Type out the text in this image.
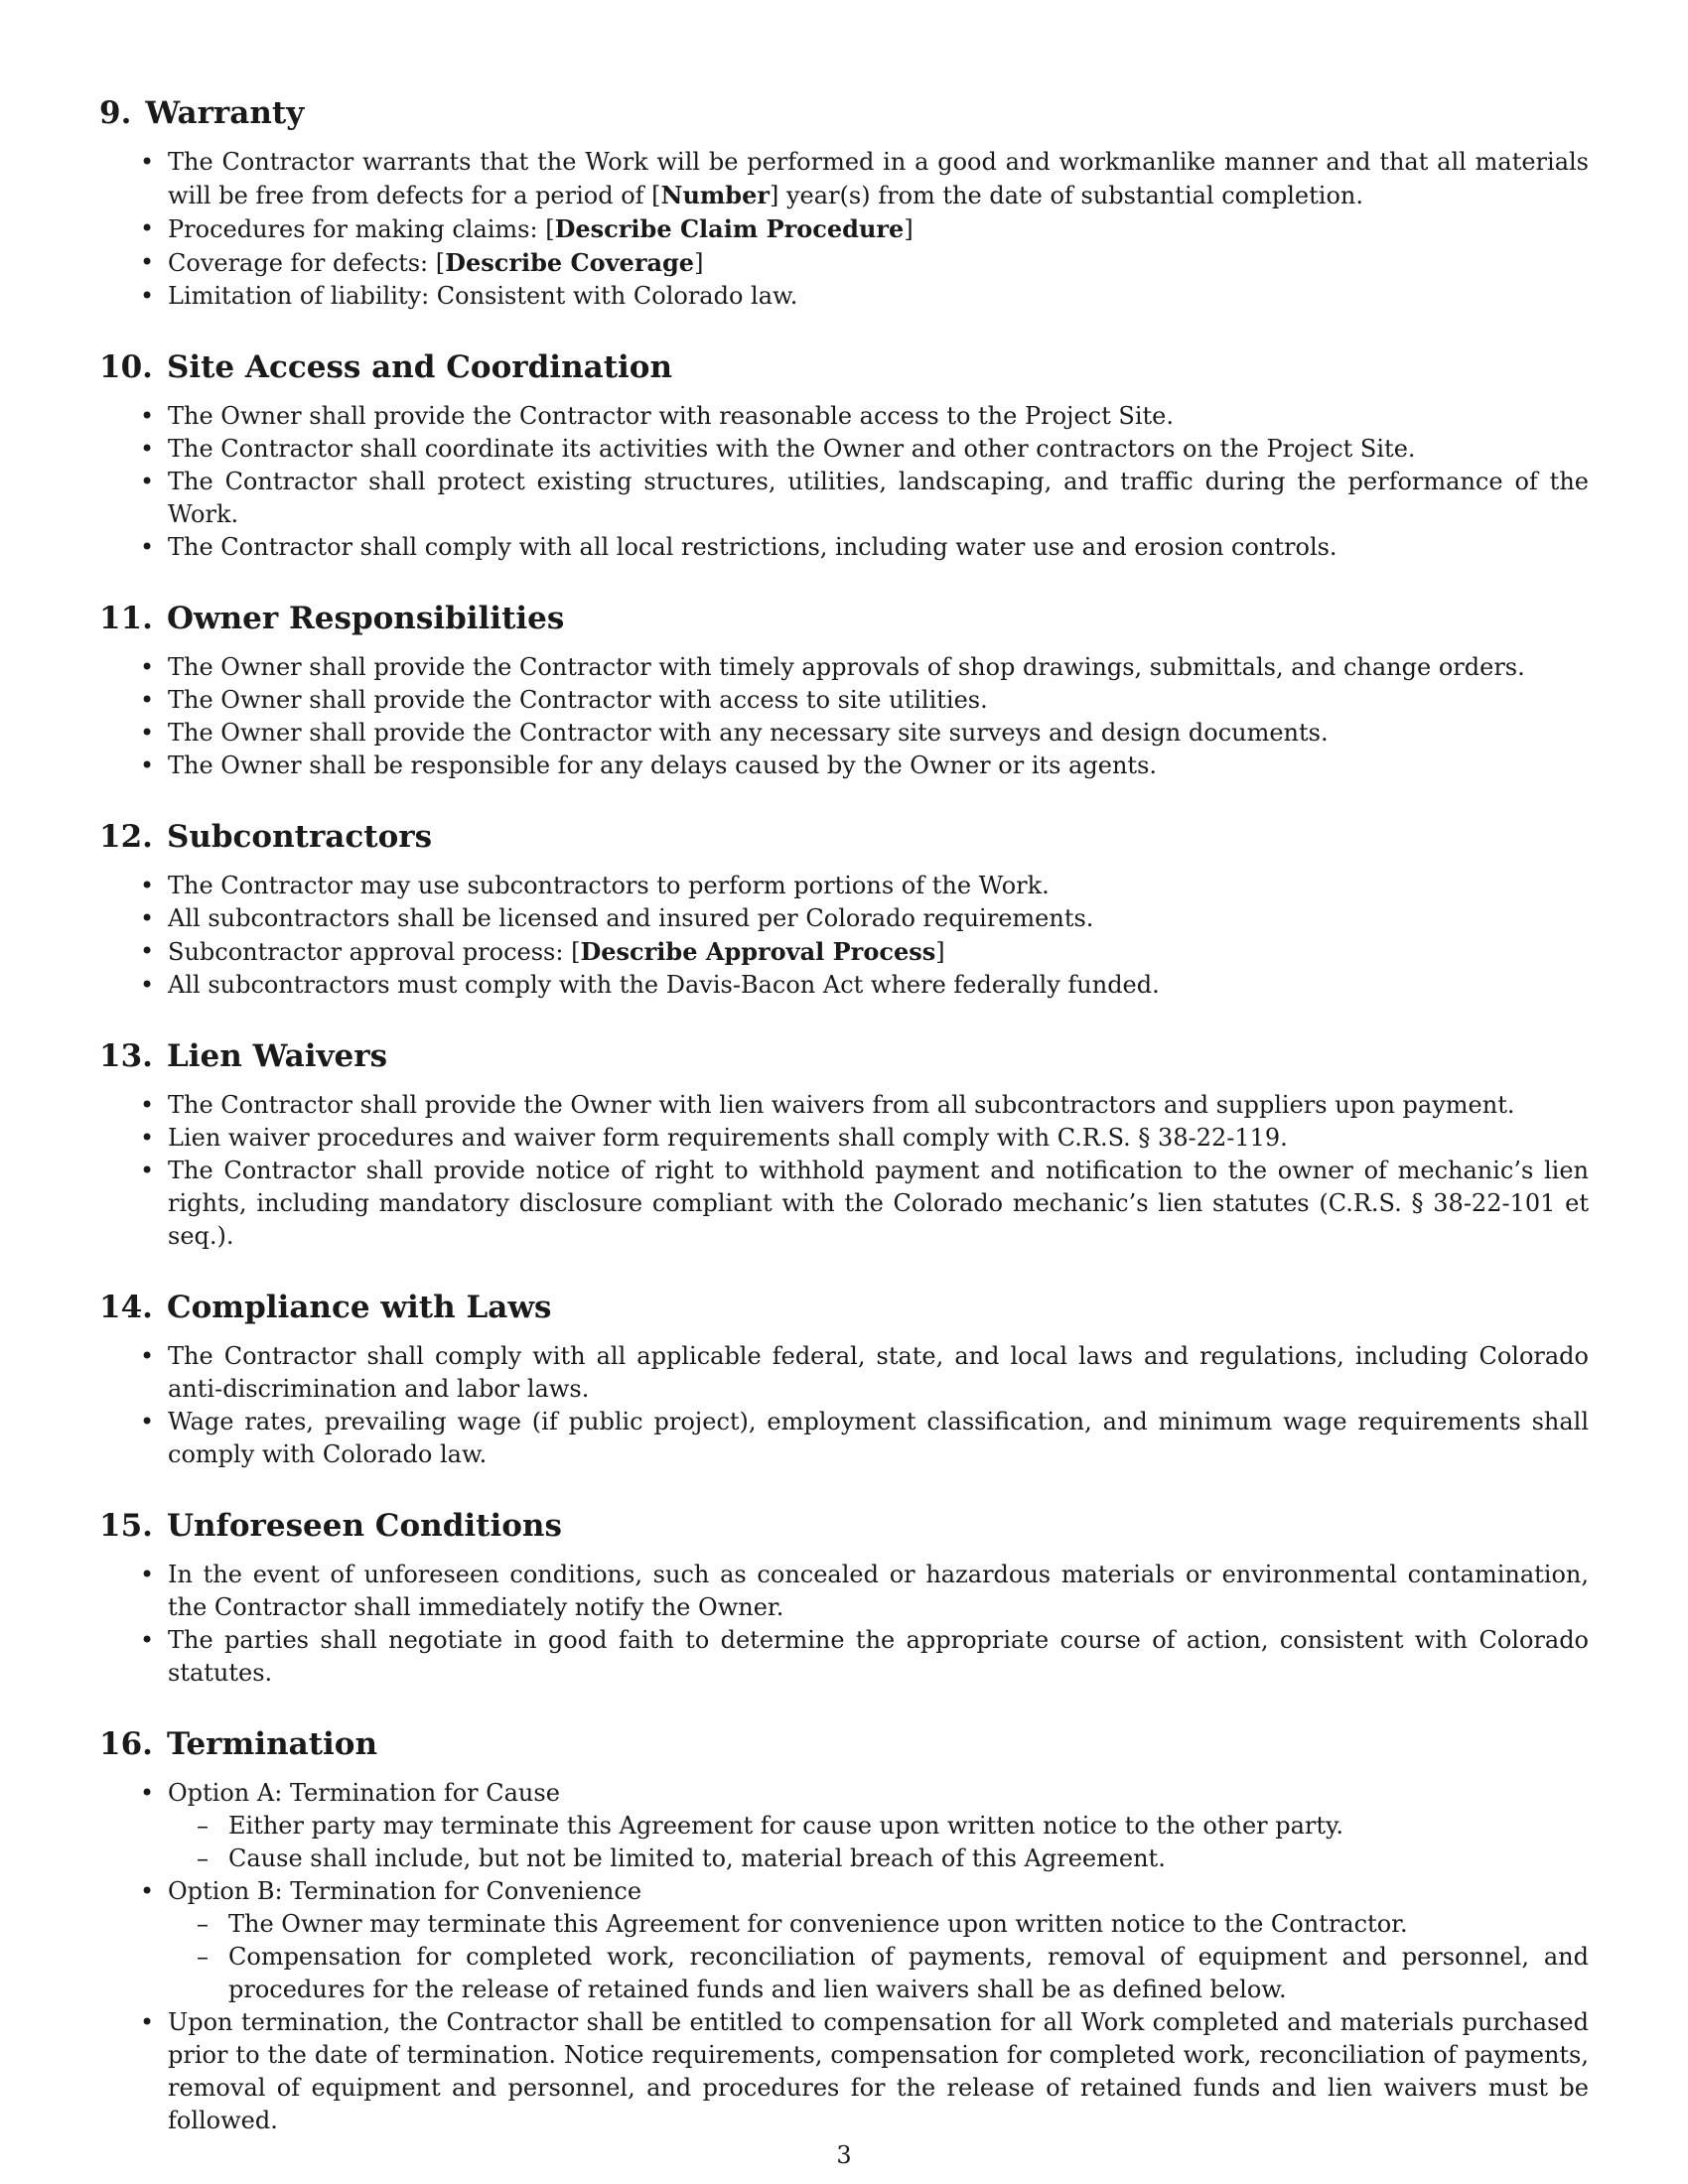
9. Warranty
• The Contractor warrants that the Work will be performed in a good and workmanlike manner and that all materials will be free from defects for a period of [Number] year(s) from the date of substantial completion.
• Procedures for making claims: [Describe Claim Procedure]
• Coverage for defects: [Describe Coverage]
• Limitation of liability: Consistent with Colorado law.
10. Site Access and Coordination
• The Owner shall provide the Contractor with reasonable access to the Project Site.
• The Contractor shall coordinate its activities with the Owner and other contractors on the Project Site.
• The Contractor shall protect existing structures, utilities, landscaping, and traffic during the performance of the Work.
• The Contractor shall comply with all local restrictions, including water use and erosion controls.
11. Owner Responsibilities
• The Owner shall provide the Contractor with timely approvals of shop drawings, submittals, and change orders.
• The Owner shall provide the Contractor with access to site utilities.
• The Owner shall provide the Contractor with any necessary site surveys and design documents.
• The Owner shall be responsible for any delays caused by the Owner or its agents.
12. Subcontractors
• The Contractor may use subcontractors to perform portions of the Work.
• All subcontractors shall be licensed and insured per Colorado requirements.
• Subcontractor approval process: [Describe Approval Process]
• All subcontractors must comply with the Davis-Bacon Act where federally funded.
13. Lien Waivers
• The Contractor shall provide the Owner with lien waivers from all subcontractors and suppliers upon payment.
• Lien waiver procedures and waiver form requirements shall comply with C.R.S. § 38-22-119.
• The Contractor shall provide notice of right to withhold payment and notification to the owner of mechanic’s lien rights, including mandatory disclosure compliant with the Colorado mechanic’s lien statutes (C.R.S. § 38-22-101 et seq.).
14. Compliance with Laws
• The Contractor shall comply with all applicable federal, state, and local laws and regulations, including Colorado anti-discrimination and labor laws.
• Wage rates, prevailing wage (if public project), employment classification, and minimum wage requirements shall comply with Colorado law.
15. Unforeseen Conditions
• In the event of unforeseen conditions, such as concealed or hazardous materials or environmental contamination, the Contractor shall immediately notify the Owner.
• The parties shall negotiate in good faith to determine the appropriate course of action, consistent with Colorado statutes.
16. Termination
• Option A: Termination for Cause
– Either party may terminate this Agreement for cause upon written notice to the other party.
– Cause shall include, but not be limited to, material breach of this Agreement.
• Option B: Termination for Convenience
– The Owner may terminate this Agreement for convenience upon written notice to the Contractor.
– Compensation for completed work, reconciliation of payments, removal of equipment and personnel, and procedures for the release of retained funds and lien waivers shall be as defined below.
• Upon termination, the Contractor shall be entitled to compensation for all Work completed and materials purchased prior to the date of termination. Notice requirements, compensation for completed work, reconciliation of payments, removal of equipment and personnel, and procedures for the release of retained funds and lien waivers must be followed.
3
